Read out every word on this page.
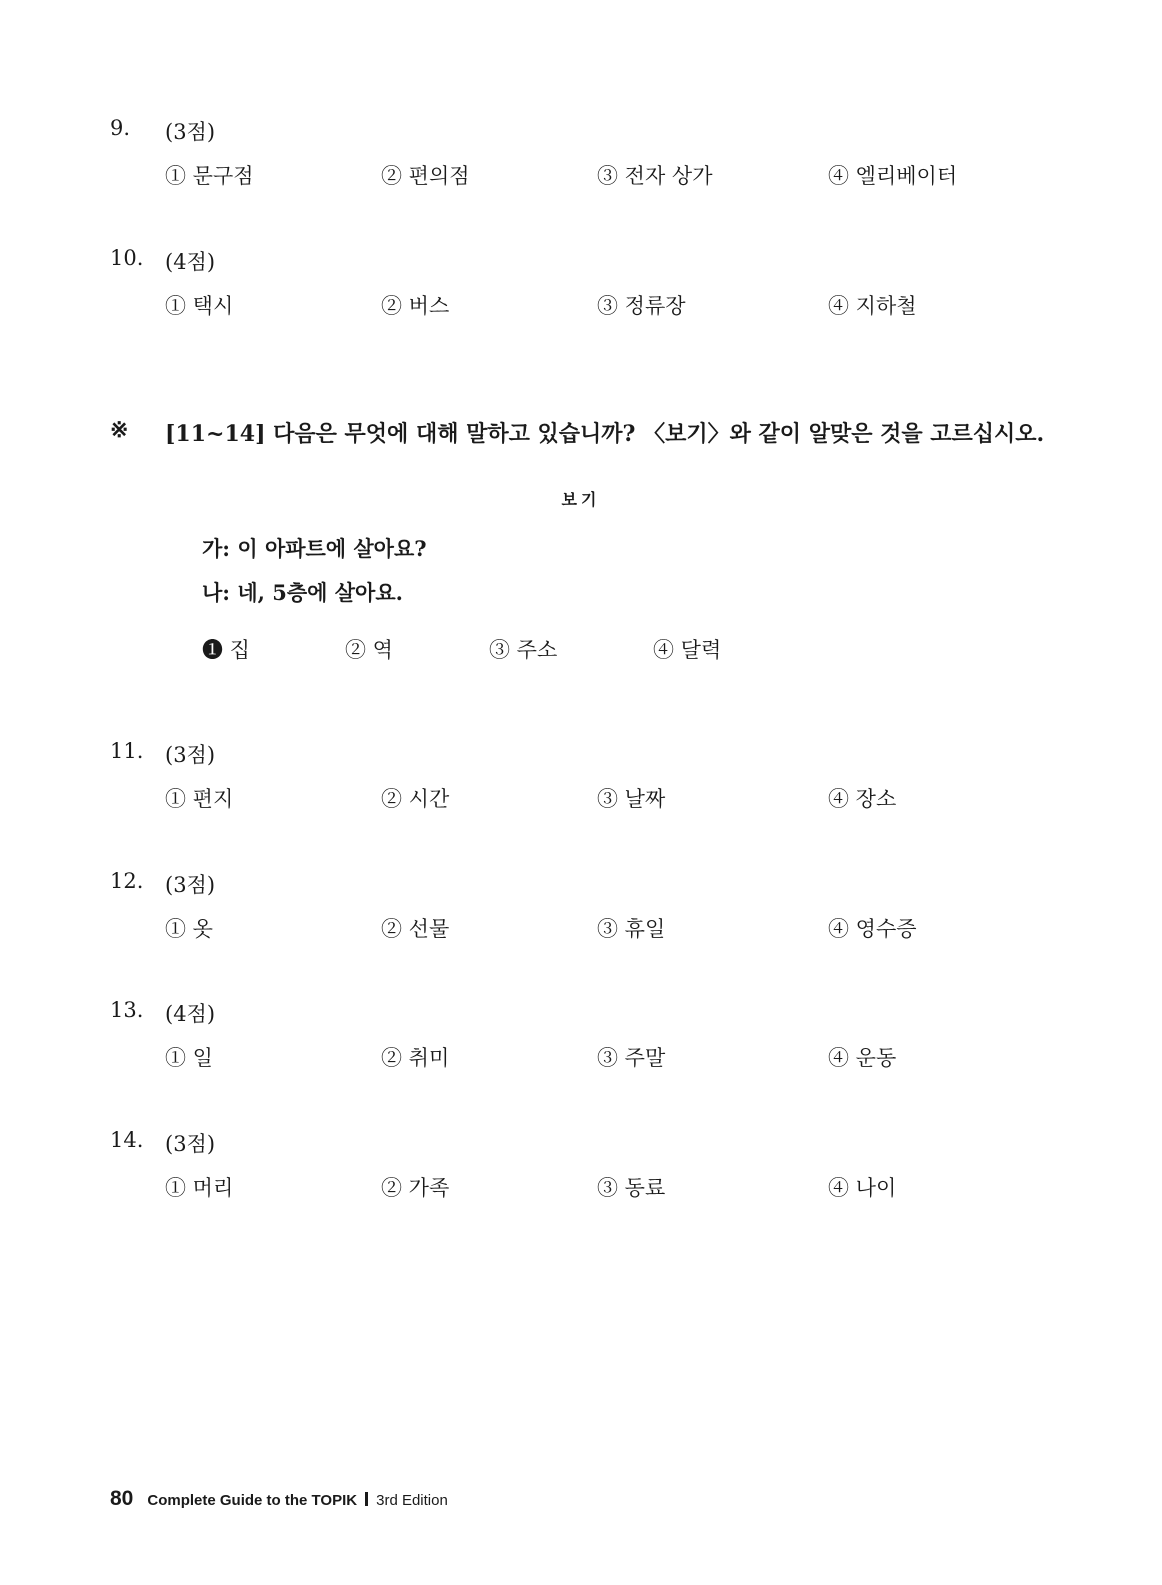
9. (3점)
① 문구점	② 편의점	③ 전자 상가	④ 엘리베이터
10. (4점)
① 택시	② 버스	③ 정류장	④ 지하철
※ [11~14] 다음은 무엇에 대해 말하고 있습니까? 〈보기〉와 같이 알맞은 것을 고르십시오.
보기
가: 이 아파트에 살아요?
나: 네, 5층에 살아요.
❶ 집	② 역	③ 주소	④ 달력
11. (3점)
① 편지	② 시간	③ 날짜	④ 장소
12. (3점)
① 옷	② 선물	③ 휴일	④ 영수증
13. (4점)
① 일	② 취미	③ 주말	④ 운동
14. (3점)
① 머리	② 가족	③ 동료	④ 나이
80 Complete Guide to the TOPIK 3rd Edition
